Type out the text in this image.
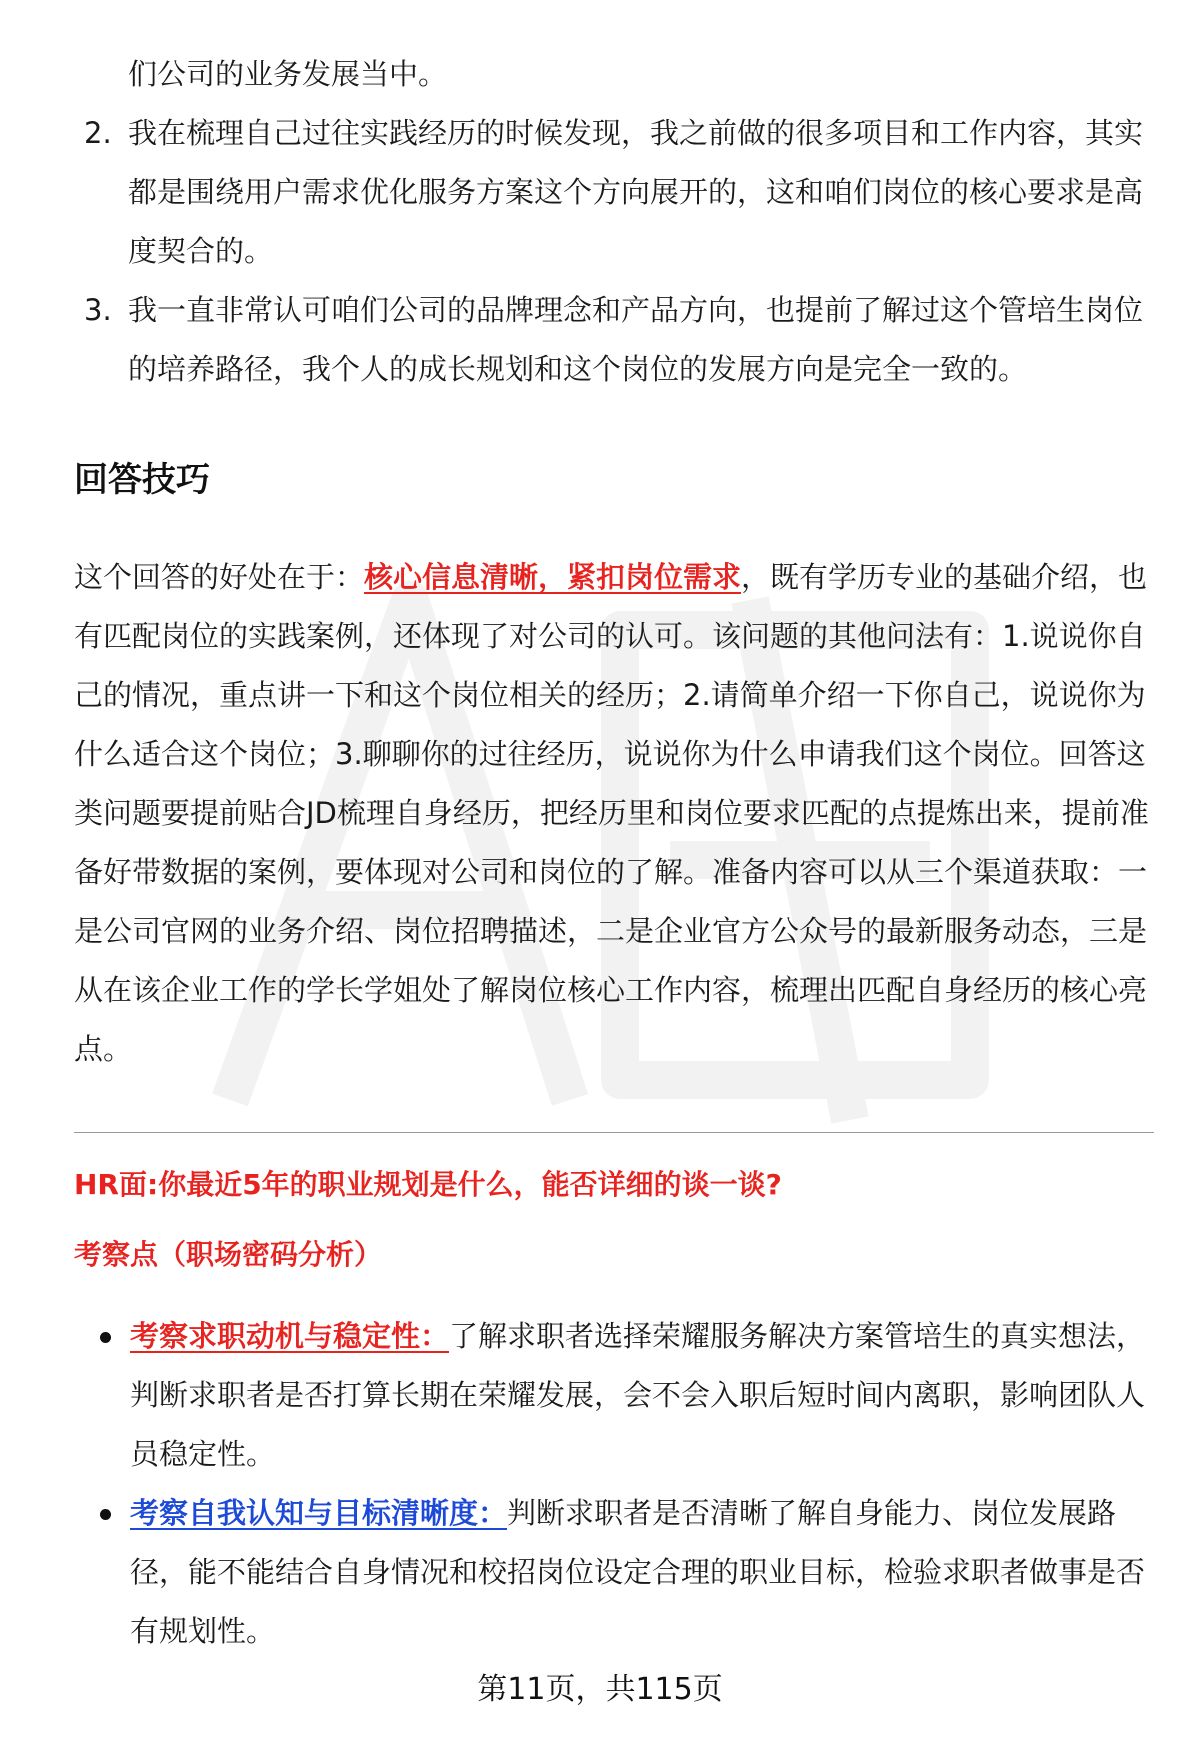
们公司的业务发展当中。
2. 我在梳理自己过往实践经历的时候发现，我之前做的很多项目和工作内容，其实都是围绕用户需求优化服务方案这个方向展开的，这和咱们岗位的核心要求是高度契合的。
3. 我一直非常认可咱们公司的品牌理念和产品方向，也提前了解过这个管培生岗位的培养路径，我个人的成长规划和这个岗位的发展方向是完全一致的。
回答技巧

这个回答的好处在于：核心信息清晰，紧扣岗位需求，既有学历专业的基础介绍，也有匹配岗位的实践案例，还体现了对公司的认可。该问题的其他问法有：1.说说你自己的情况，重点讲一下和这个岗位相关的经历；2.请简单介绍一下你自己，说说你为什么适合这个岗位；3.聊聊你的过往经历，说说你为什么申请我们这个岗位。回答这类问题要提前贴合JD梳理自身经历，把经历里和岗位要求匹配的点提炼出来，提前准备好带数据的案例，要体现对公司和岗位的了解。准备内容可以从三个渠道获取：一是公司官网的业务介绍、岗位招聘描述，二是企业官方公众号的最新服务动态，三是从在该企业工作的学长学姐处了解岗位核心工作内容，梳理出匹配自身经历的核心亮点。

HR面:你最近5年的职业规划是什么，能否详细的谈一谈?
考察点（职场密码分析）
考察求职动机与稳定性：了解求职者选择荣耀服务解决方案管培生的真实想法，判断求职者是否打算长期在荣耀发展，会不会入职后短时间内离职，影响团队人员稳定性。
考察自我认知与目标清晰度：判断求职者是否清晰了解自身能力、岗位发展路径，能不能结合自身情况和校招岗位设定合理的职业目标，检验求职者做事是否有规划性。
第11页，共115页
